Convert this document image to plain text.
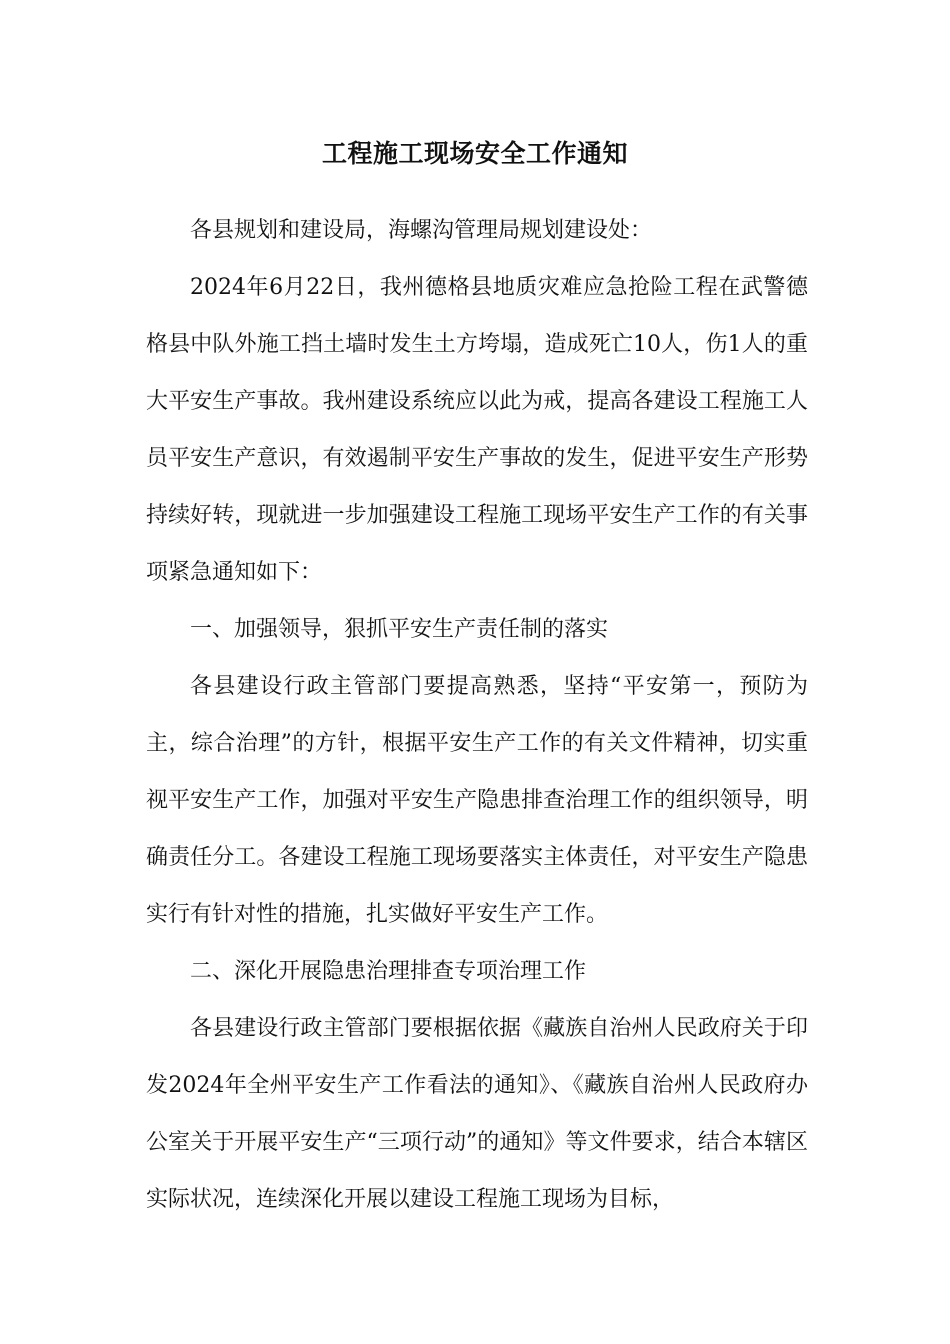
工程施工现场安全工作通知

各县规划和建设局，海螺沟管理局规划建设处：

2024年6月22日，我州德格县地质灾难应急抢险工程在武警德格县中队外施工挡土墙时发生土方垮塌，造成死亡10人，伤1人的重大平安生产事故。我州建设系统应以此为戒，提高各建设工程施工人员平安生产意识，有效遏制平安生产事故的发生，促进平安生产形势持续好转，现就进一步加强建设工程施工现场平安生产工作的有关事项紧急通知如下：

一、加强领导，狠抓平安生产责任制的落实

各县建设行政主管部门要提高熟悉，坚持“平安第一，预防为主，综合治理”的方针，根据平安生产工作的有关文件精神，切实重视平安生产工作，加强对平安生产隐患排查治理工作的组织领导，明确责任分工。各建设工程施工现场要落实主体责任，对平安生产隐患实行有针对性的措施，扎实做好平安生产工作。

二、深化开展隐患治理排查专项治理工作

各县建设行政主管部门要根据依据《藏族自治州人民政府关于印发2024年全州平安生产工作看法的通知》、《藏族自治州人民政府办公室关于开展平安生产“三项行动”的通知》等文件要求，结合本辖区实际状况，连续深化开展以建设工程施工现场为目标，
